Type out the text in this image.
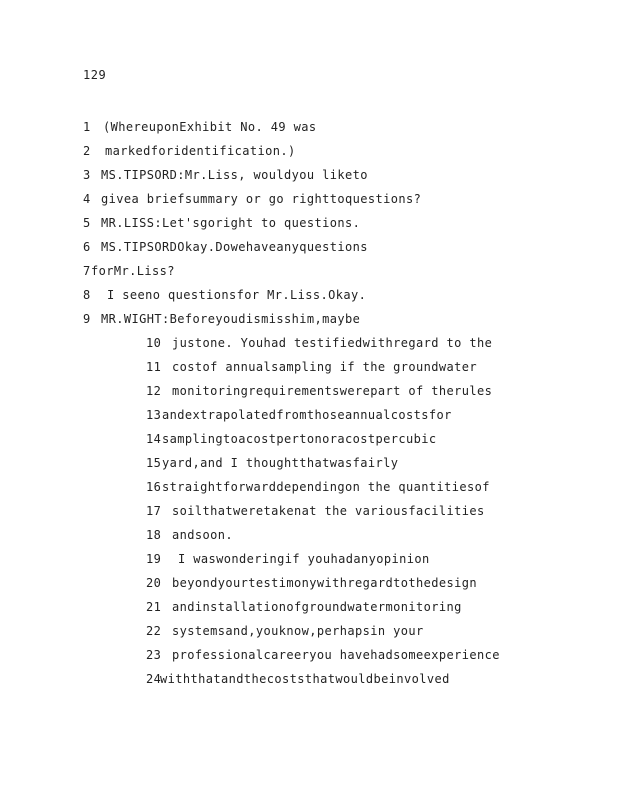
129
1 (WhereuponExhibit No. 49 was
2 markedforidentification.)
3 MS.TIPSORD:Mr.Liss, wouldyou liketo
4 givea briefsummary or go righttoquestions?
5 MR.LISS:Let'sgoright to questions.
6 MS.TIPSORDOkay.Dowehaveanyquestions
7forMr.Liss?
8 I seeno questionsfor Mr.Liss.Okay.
9 MR.WIGHT:Beforeyoudismisshim,maybe
10 justone. Youhad testifiedwithregard to the
11 costof annualsampling if the groundwater
12 monitoringrequirementswerepart of therules
13andextrapolatedfromthoseannualcostsfor
14samplingtoacostpertonoracostpercubic
15yard,and I thoughtthatwasfairly
16straightforwarddependingon the quantitiesof
17 soilthatweretakenat the variousfacilities
18 andsoon.
19 I waswonderingif youhadanyopinion
20 beyondyourtestimonywithregardtothedesign
21 andinstallationofgroundwatermonitoring
22 systemsand,youknow,perhapsin your
23 professionalcareeryou havehadsomeexperience
24withthatandthecoststhatwouldbeinvolved
